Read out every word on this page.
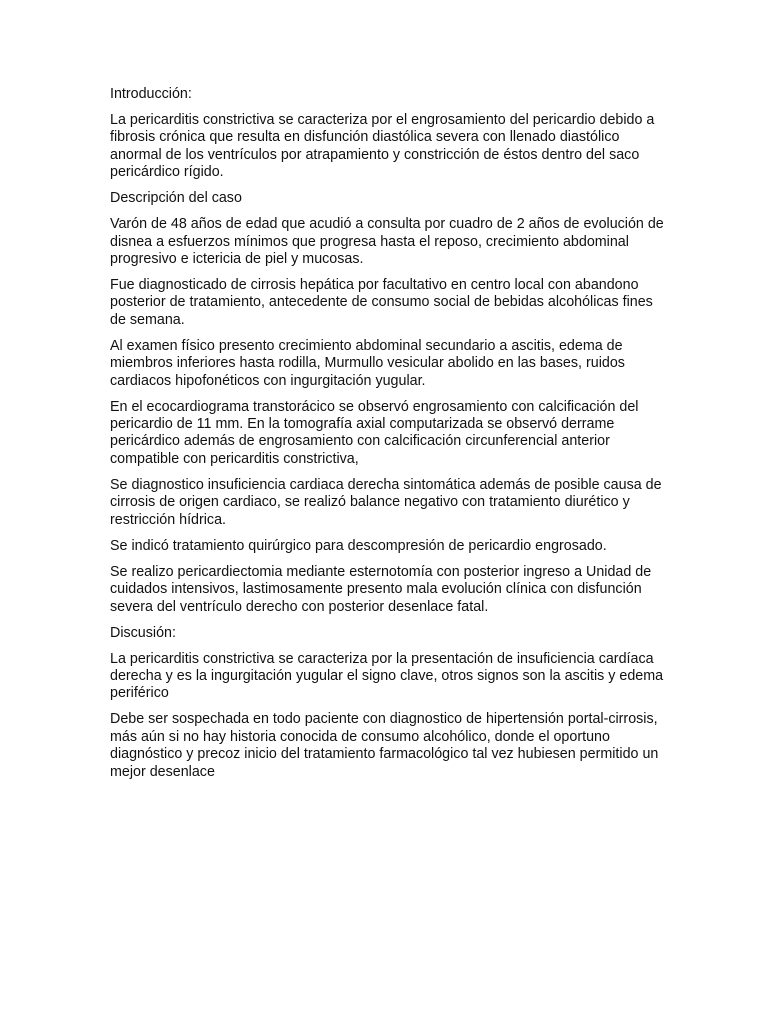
Introducción:

La pericarditis constrictiva se caracteriza por el engrosamiento del pericardio debido a fibrosis crónica que resulta en disfunción diastólica severa con llenado diastólico anormal de los ventrículos por atrapamiento y constricción de éstos dentro del saco pericárdico rígido.

Descripción del caso

Varón de 48 años de edad que acudió a consulta por cuadro de 2 años de evolución de disnea a esfuerzos mínimos que progresa hasta el reposo, crecimiento abdominal progresivo e ictericia de piel y mucosas.

Fue diagnosticado de cirrosis hepática por facultativo en centro local con abandono posterior de tratamiento, antecedente de consumo social de bebidas alcohólicas fines de semana.

Al examen físico presento crecimiento abdominal secundario a ascitis, edema de miembros inferiores hasta rodilla, Murmullo vesicular abolido en las bases, ruidos cardiacos hipofonéticos con ingurgitación yugular.

En el ecocardiograma transtorácico se observó engrosamiento con calcificación del pericardio de 11 mm. En la tomografía axial computarizada se observó derrame pericárdico además de engrosamiento con calcificación circunferencial anterior compatible con pericarditis constrictiva,

Se diagnostico insuficiencia cardiaca derecha sintomática además de posible causa de cirrosis de origen cardiaco, se realizó balance negativo con tratamiento diurético y restricción hídrica.

Se indicó tratamiento quirúrgico para descompresión de pericardio engrosado.

Se realizo pericardiectomia mediante esternotomía con posterior ingreso a Unidad de cuidados intensivos, lastimosamente presento mala evolución clínica con disfunción severa del ventrículo derecho con posterior desenlace fatal.

Discusión:

La pericarditis constrictiva se caracteriza por la presentación de insuficiencia cardíaca derecha y es la ingurgitación yugular el signo clave, otros signos son la ascitis y edema periférico

Debe ser sospechada en todo paciente con diagnostico de hipertensión portal-cirrosis, más aún si no hay historia conocida de consumo alcohólico, donde el oportuno diagnóstico y precoz inicio del tratamiento farmacológico tal vez hubiesen permitido un mejor desenlace
